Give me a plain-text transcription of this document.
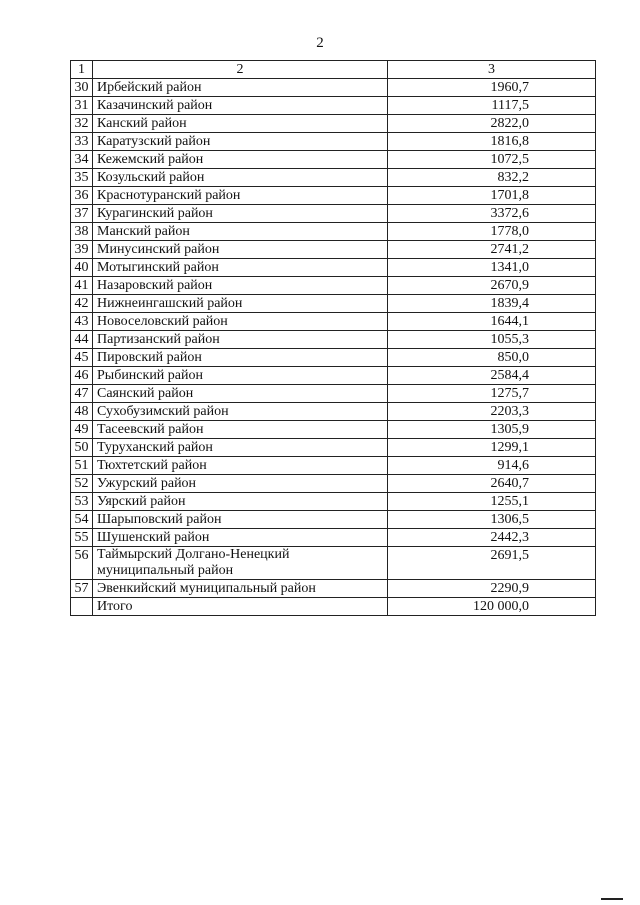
2
1	2	3
30	Ирбейский район	1960,7
31	Казачинский район	1117,5
32	Канский район	2822,0
33	Каратузский район	1816,8
34	Кежемский район	1072,5
35	Козульский район	832,2
36	Краснотуранский район	1701,8
37	Курагинский район	3372,6
38	Манский район	1778,0
39	Минусинский район	2741,2
40	Мотыгинский район	1341,0
41	Назаровский район	2670,9
42	Нижнеингашский район	1839,4
43	Новоселовский район	1644,1
44	Партизанский район	1055,3
45	Пировский район	850,0
46	Рыбинский район	2584,4
47	Саянский район	1275,7
48	Сухобузимский район	2203,3
49	Тасеевский район	1305,9
50	Туруханский район	1299,1
51	Тюхтетский район	914,6
52	Ужурский район	2640,7
53	Уярский район	1255,1
54	Шарыповский район	1306,5
55	Шушенский район	2442,3
56	Таймырский Долгано-Ненецкий муниципальный район	2691,5
57	Эвенкийский муниципальный район	2290,9
	Итого	120 000,0
